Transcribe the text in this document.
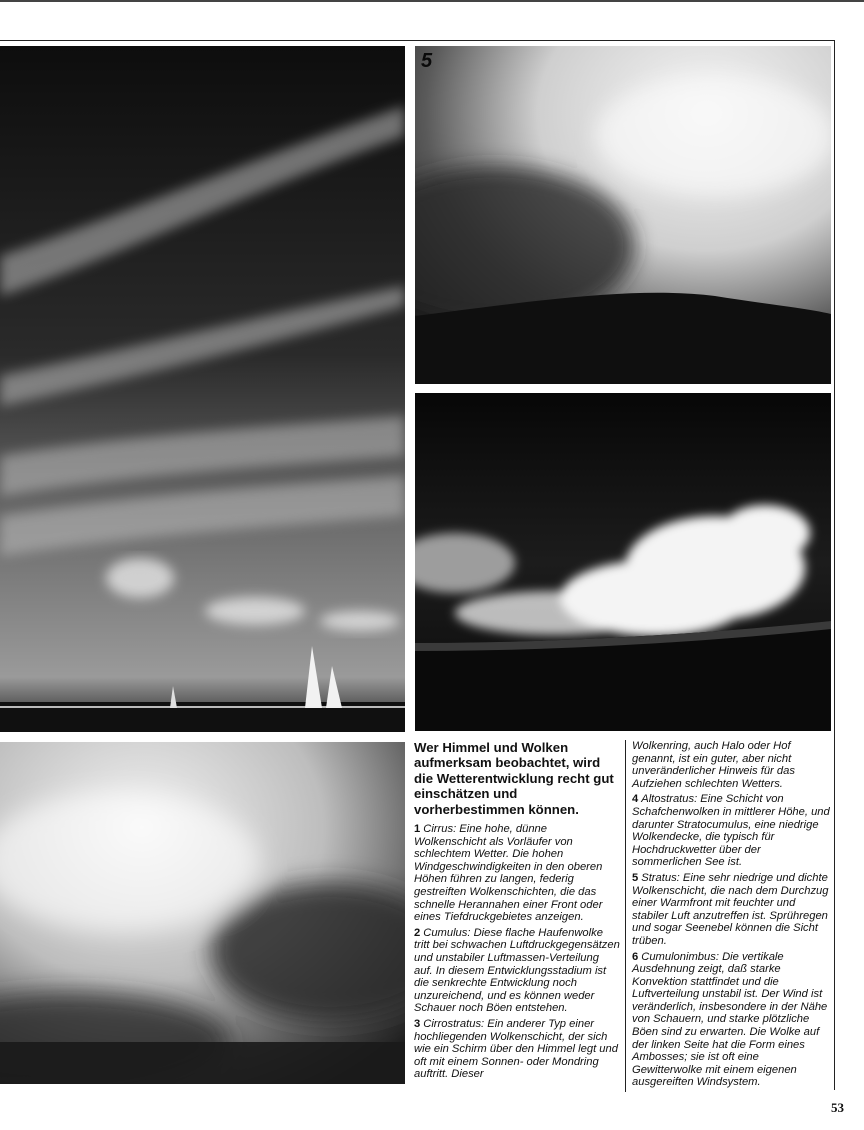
5

Wer Himmel und Wolken aufmerksam beobachtet, wird die Wetterentwicklung recht gut einschätzen und vorherbestimmen können.

1 Cirrus: Eine hohe, dünne Wolkenschicht als Vorläufer von schlechtem Wetter. Die hohen Windgeschwindigkeiten in den oberen Höhen führen zu langen, federig gestreiften Wolkenschichten, die das schnelle Herannahen einer Front oder eines Tiefdruckgebietes anzeigen.

2 Cumulus: Diese flache Haufenwolke tritt bei schwachen Luftdruckgegensätzen und unstabiler Luftmassen-Verteilung auf. In diesem Entwicklungsstadium ist die senkrechte Entwicklung noch unzureichend, und es können weder Schauer noch Böen entstehen.

3 Cirrostratus: Ein anderer Typ einer hochliegenden Wolkenschicht, der sich wie ein Schirm über den Himmel legt und oft mit einem Sonnen- oder Mondring auftritt. Dieser

Wolkenring, auch Halo oder Hof genannt, ist ein guter, aber nicht unveränderlicher Hinweis für das Aufziehen schlechten Wetters.

4 Altostratus: Eine Schicht von Schafchenwolken in mittlerer Höhe, und darunter Stratocumulus, eine niedrige Wolkendecke, die typisch für Hochdruckwetter über der sommerlichen See ist.

5 Stratus: Eine sehr niedrige und dichte Wolkenschicht, die nach dem Durchzug einer Warmfront mit feuchter und stabiler Luft anzutreffen ist. Sprühregen und sogar Seenebel können die Sicht trüben.

6 Cumulonimbus: Die vertikale Ausdehnung zeigt, daß starke Konvektion stattfindet und die Luftverteilung unstabil ist. Der Wind ist veränderlich, insbesondere in der Nähe von Schauern, und starke plötzliche Böen sind zu erwarten. Die Wolke auf der linken Seite hat die Form eines Ambosses; sie ist oft eine Gewitterwolke mit einem eigenen ausgereiften Windsystem.

53
